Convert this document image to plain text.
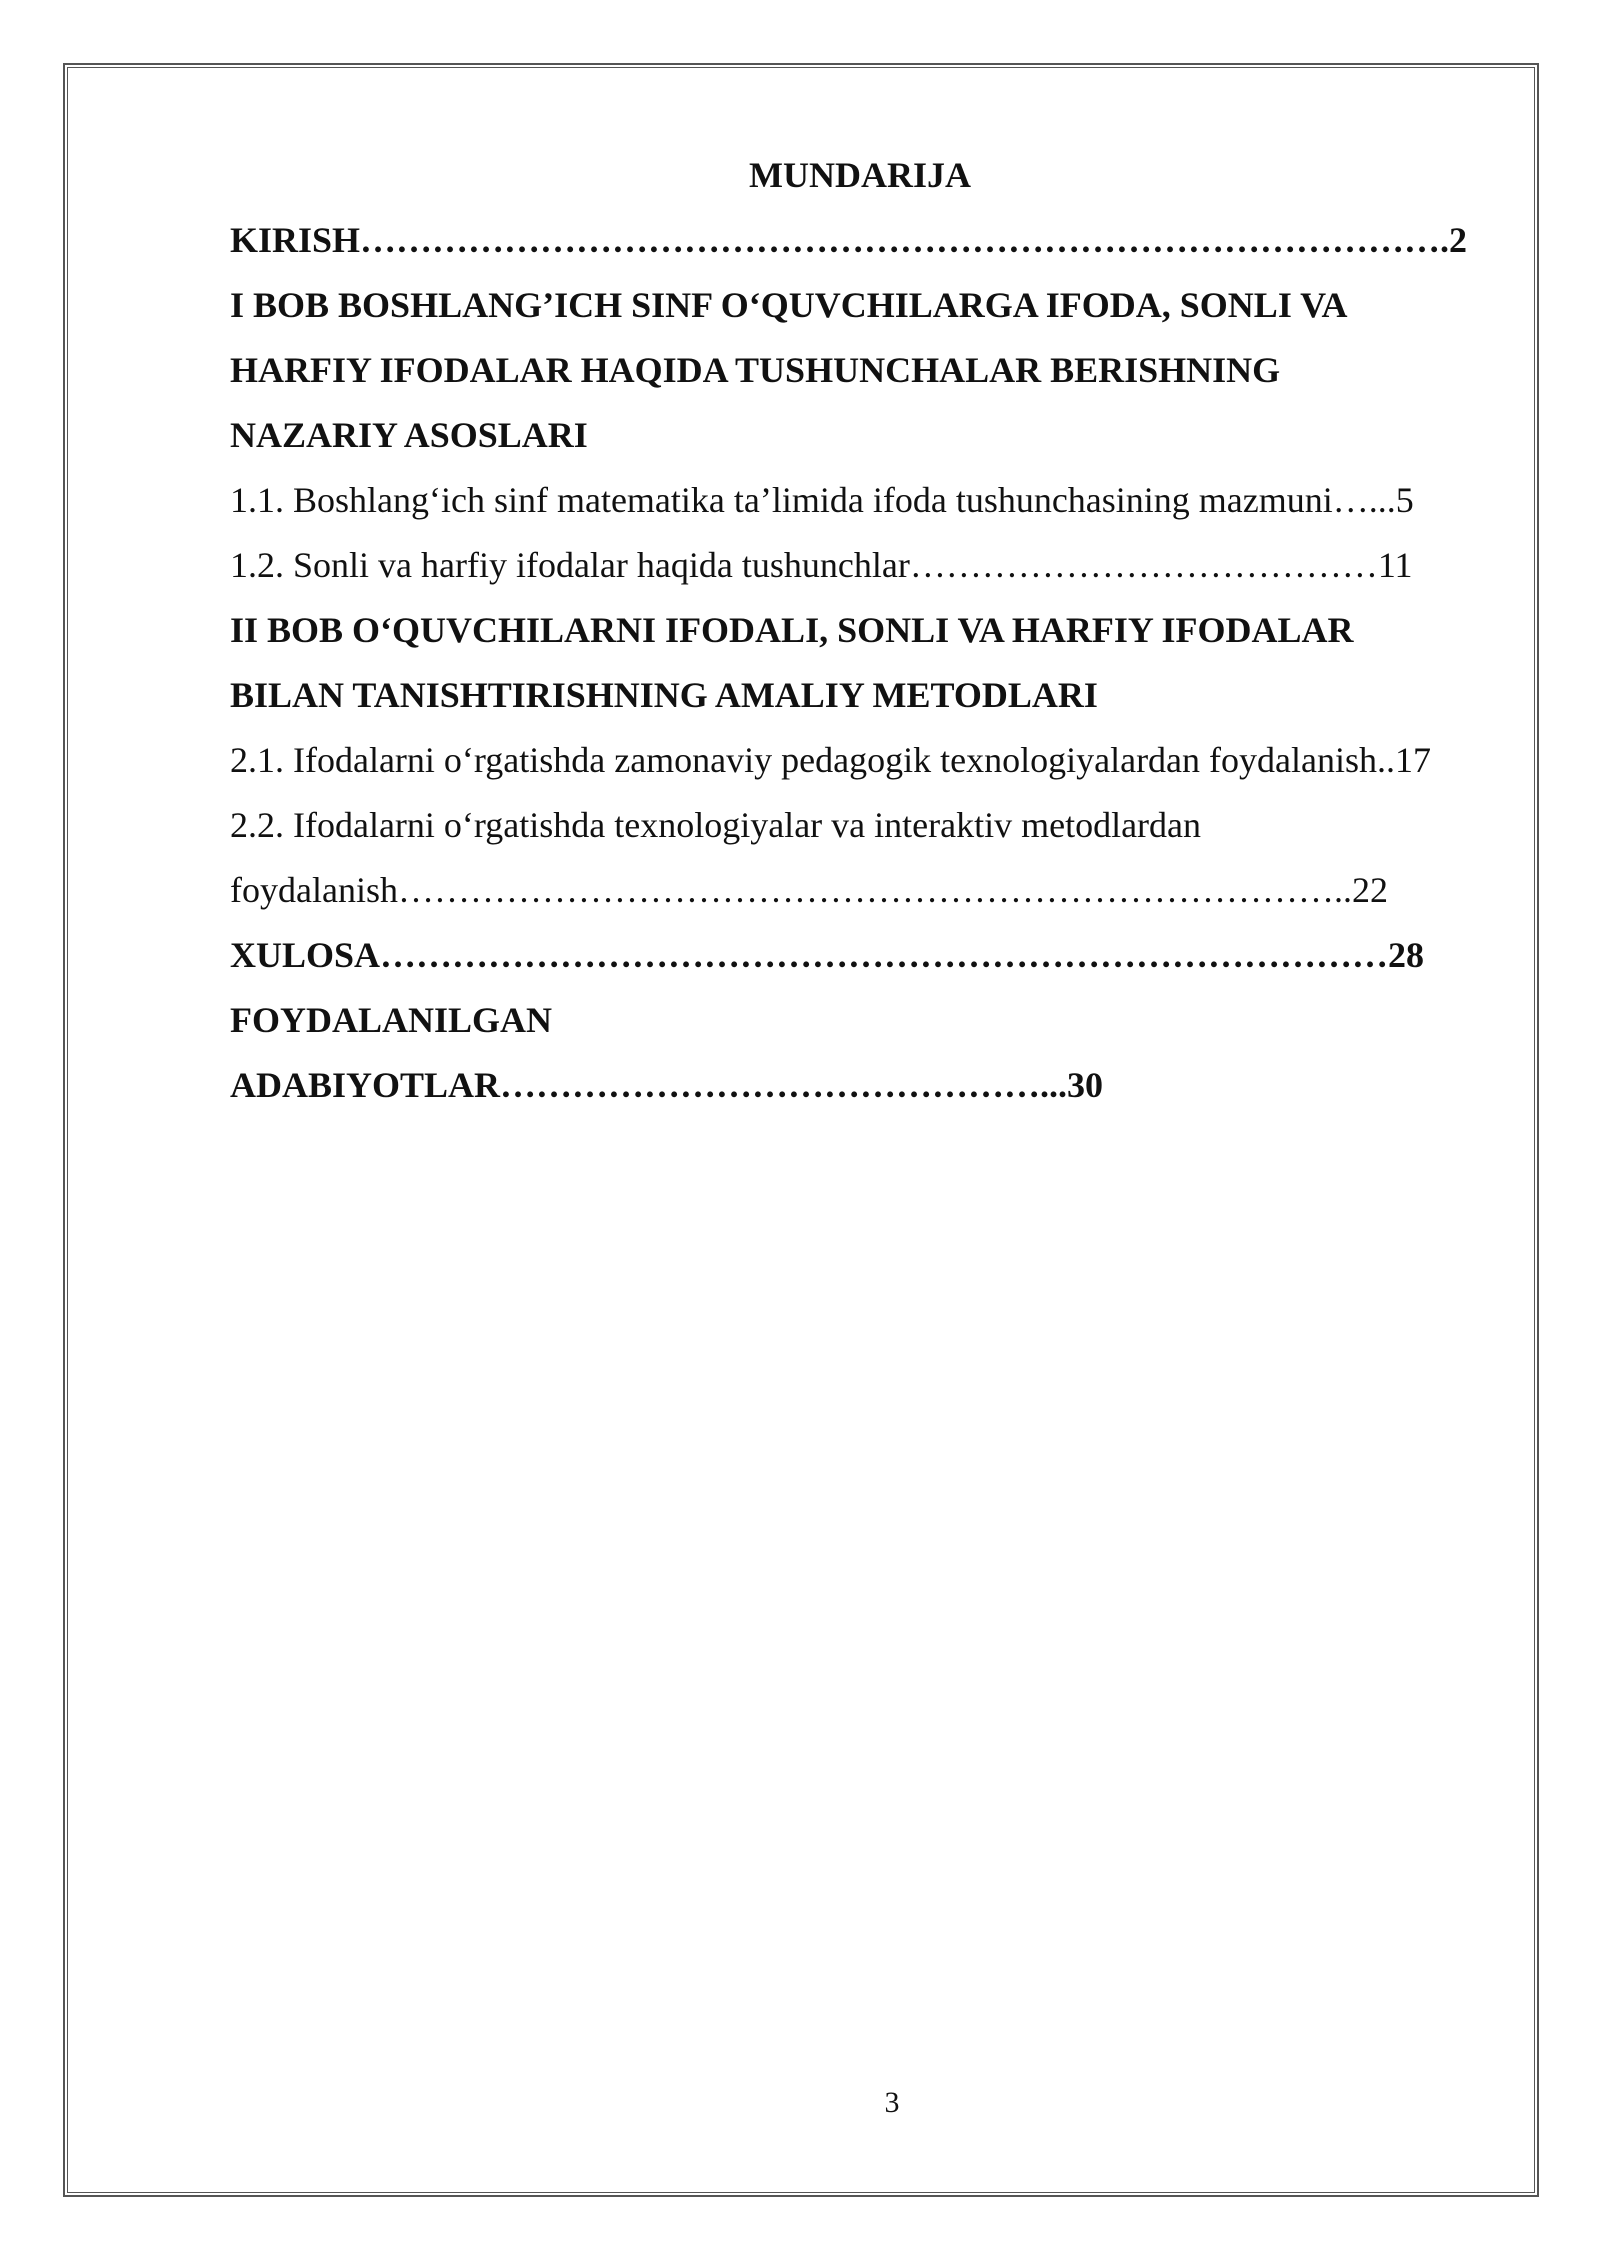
MUNDARIJA
KIRISH……………………………………………………………………………….2
I BOB BOSHLANG’ICH SINF O‘QUVCHILARGA IFODA, SONLI VA
HARFIY IFODALAR HAQIDA TUSHUNCHALAR BERISHNING
NAZARIY ASOSLARI
1.1. Boshlang‘ich sinf matematika ta’limida ifoda tushunchasining mazmuni…...5
1.2. Sonli va harfiy ifodalar haqida tushunchlar…………………………………11
II BOB O‘QUVCHILARNI IFODALI, SONLI VA HARFIY IFODALAR
BILAN TANISHTIRISHNING AMALIY METODLARI
2.1. Ifodalarni o‘rgatishda zamonaviy pedagogik texnologiyalardan foydalanish..17
2.2. Ifodalarni o‘rgatishda texnologiyalar va interaktiv metodlardan
foydalanish……………………………………………………………………..22
XULOSA…………………………………………………………………………28
FOYDALANILGAN
ADABIYOTLAR………………………………………...30
3
